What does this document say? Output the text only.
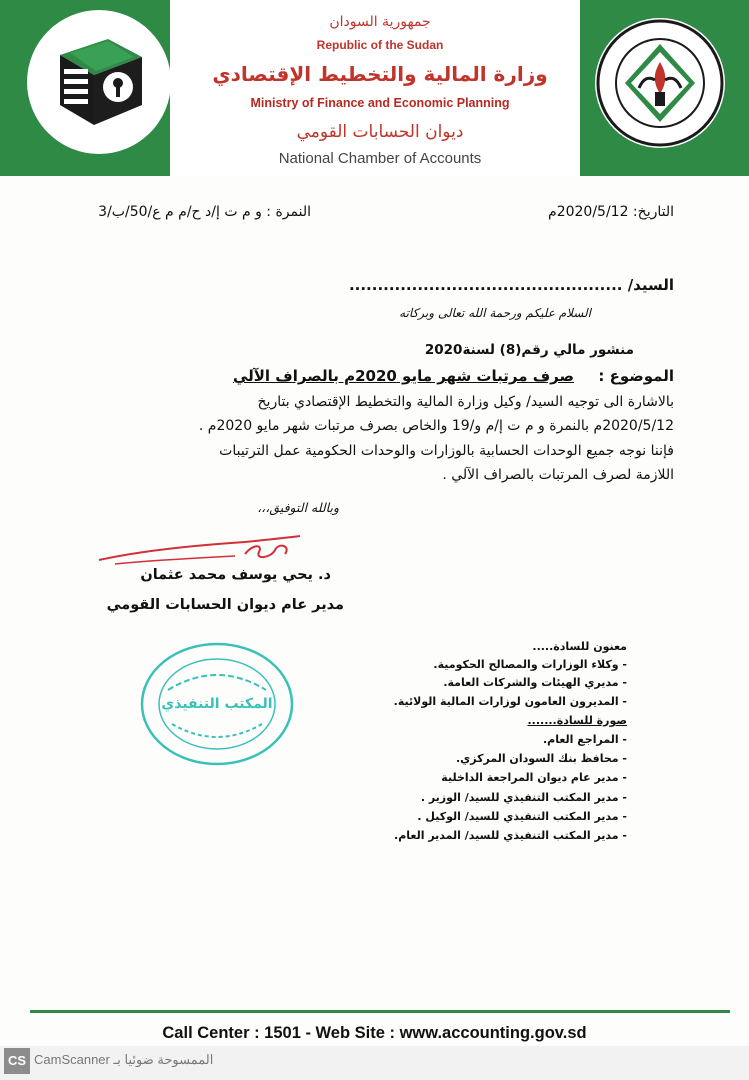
جمهورية السودان
Republic of the Sudan
وزارة المالية والتخطيط الإقتصادي
Ministry of Finance and Economic Planning
ديوان الحسابات القومي
National Chamber of Accounts
التاريخ: 2020/5/12م
النمرة : و م ت إ/د ح/م م ع/50/ب/3
السيد/ ................................................
السلام عليكم ورحمة الله تعالى وبركاته
منشور مالي رقم(8) لسنة2020
الموضوع :
صرف مرتبات شهر مايو 2020م بالصراف الآلي
بالاشارة الى توجيه السيد/ وكيل وزارة المالية والتخطيط الإقتصادي بتاريخ
2020/5/12م بالنمرة و م ت إ/م و/19 والخاص بصرف مرتبات شهر مايو 2020م .
فإننا نوجه جميع الوحدات الحسابية بالوزارات والوحدات الحكومية عمل الترتيبات
اللازمة لصرف المرتبات بالصراف الآلي .
وبالله التوفيق،،،
د. يحي يوسف محمد عثمان
مدير عام ديوان الحسابات القومي
المكتب التنفيذي
معنون للسادة.....
- وكلاء الوزارات والمصالح الحكومية.
- مديري الهيئات والشركات العامة.
- المديرون العامون لوزارات المالية الولائية.
صورة للسادة.......
- المراجع العام.
- محافظ بنك السودان المركزي.
- مدير عام ديوان المراجعة الداخلية
- مدير المكتب التنفيذي للسيد/ الوزير .
- مدير المكتب التنفيذي للسيد/ الوكيل .
- مدير المكتب التنفيذي للسيد/ المدير العام.
Call Center : 1501 - Web Site : www.accounting.gov.sd
CS CamScanner الممسوحة ضوئيا بـ
